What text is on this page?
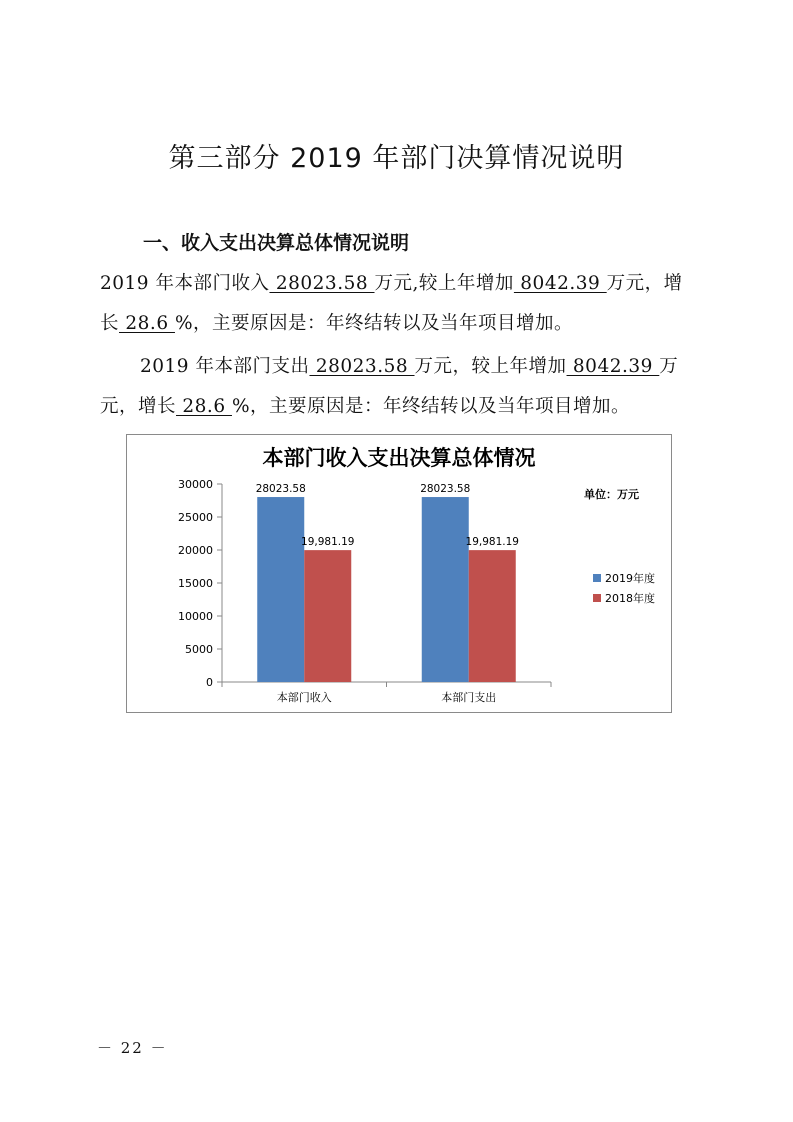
第三部分 2019 年部门决算情况说明
一、收入支出决算总体情况说明
2019 年本部门收入 28023.58 万元,较上年增加 8042.39 万元，增长 28.6 %，主要原因是：年终结转以及当年项目增加。
2019 年本部门支出 28023.58 万元，较上年增加 8042.39 万元，增长 28.6 %，主要原因是：年终结转以及当年项目增加。
本部门收入支出决算总体情况
单位：万元
0
5000
10000
15000
20000
25000
30000
本部门收入	本部门支出
28023.58
19,981.19
28023.58
19,981.19
2019年度
2018年度
－ 22 －
